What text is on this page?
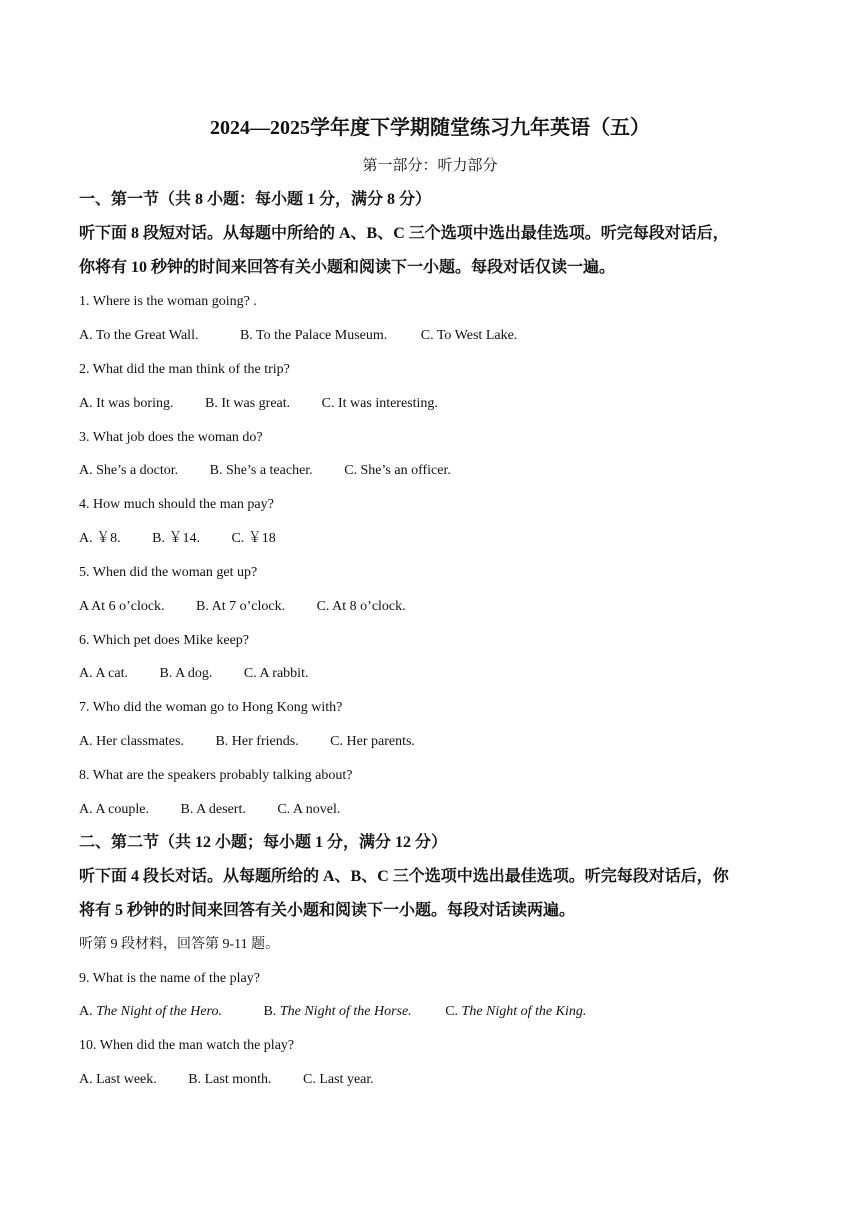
2024—2025学年度下学期随堂练习九年英语（五）
第一部分：听力部分
一、第一节（共 8 小题：每小题 1 分，满分 8 分）
听下面 8 段短对话。从每题中所给的 A、B、C 三个选项中选出最佳选项。听完每段对话后，
你将有 10 秒钟的时间来回答有关小题和阅读下一小题。每段对话仅读一遍。
1. Where is the woman going? .
A. To the Great Wall.	B. To the Palace Museum. C. To West Lake.
2. What did the man think of the trip?
A. It was boring. B. It was great. C. It was interesting.
3. What job does the woman do?
A. She’s a doctor. B. She’s a teacher. C. She’s an officer.
4. How much should the man pay?
A. ￥8. B. ￥14. C. ￥18
5. When did the woman get up?
A At 6 o’clock. B. At 7 o’clock. C. At 8 o’clock.
6. Which pet does Mike keep?
A. A cat. B. A dog. C. A rabbit.
7. Who did the woman go to Hong Kong with?
A. Her classmates. B. Her friends. C. Her parents.
8. What are the speakers probably talking about?
A. A couple. B. A desert. C. A novel.
二、第二节（共 12 小题；每小题 1 分，满分 12 分）
听下面 4 段长对话。从每题所给的 A、B、C 三个选项中选出最佳选项。听完每段对话后，你
将有 5 秒钟的时间来回答有关小题和阅读下一小题。每段对话读两遍。
听第 9 段材料，回答第 9-11 题。
9. What is the name of the play?
A. The Night of the Hero.	B. The Night of the Horse. C. The Night of the King.
10. When did the man watch the play?
A. Last week. B. Last month. C. Last year.
